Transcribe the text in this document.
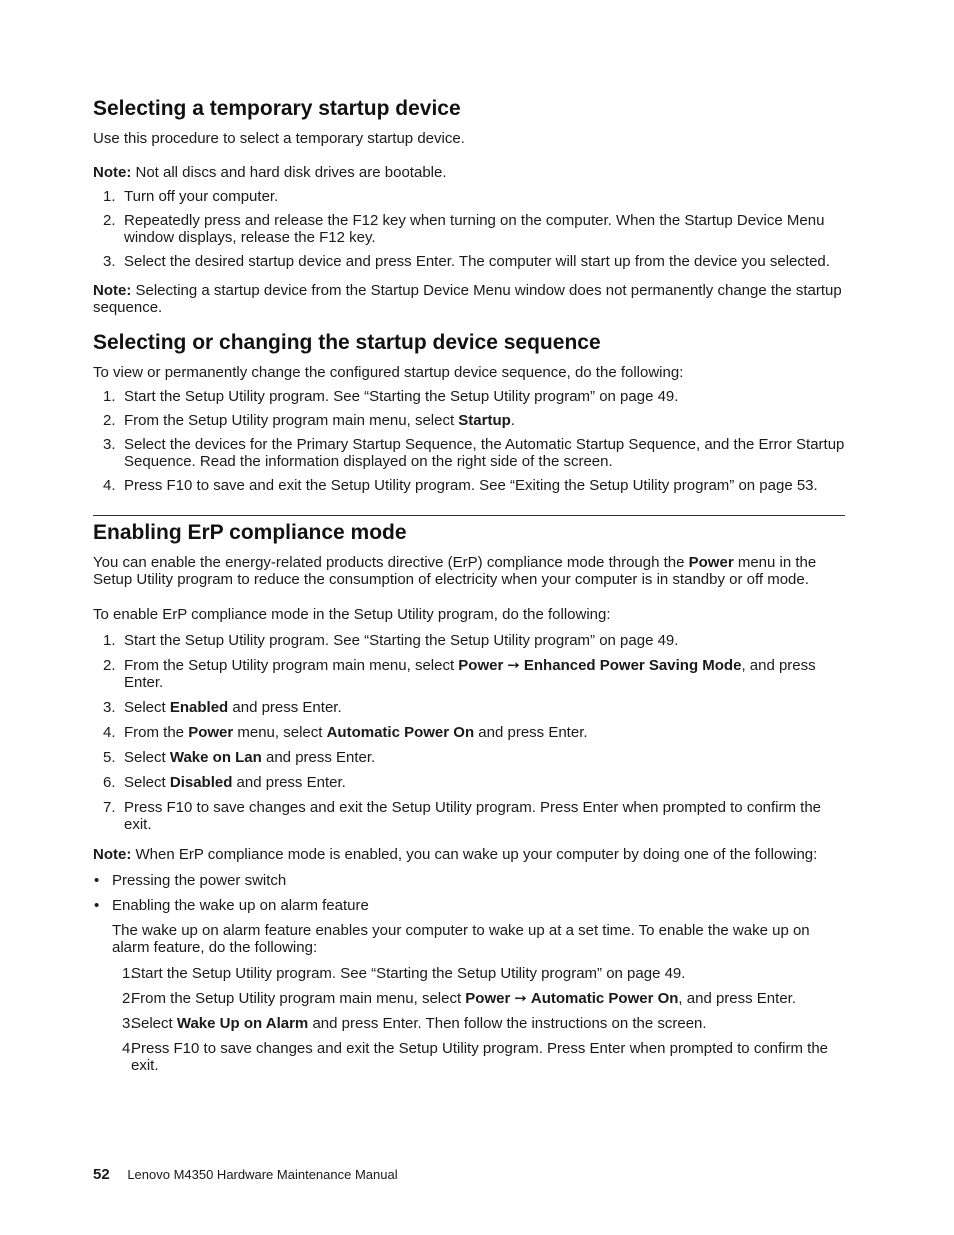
Selecting a temporary startup device

Use this procedure to select a temporary startup device.

Note: Not all discs and hard disk drives are bootable.

1. Turn off your computer.
2. Repeatedly press and release the F12 key when turning on the computer. When the Startup Device Menu window displays, release the F12 key.
3. Select the desired startup device and press Enter. The computer will start up from the device you selected.

Note: Selecting a startup device from the Startup Device Menu window does not permanently change the startup sequence.

Selecting or changing the startup device sequence

To view or permanently change the configured startup device sequence, do the following:

1. Start the Setup Utility program. See “Starting the Setup Utility program” on page 49.
2. From the Setup Utility program main menu, select Startup.
3. Select the devices for the Primary Startup Sequence, the Automatic Startup Sequence, and the Error Startup Sequence. Read the information displayed on the right side of the screen.
4. Press F10 to save and exit the Setup Utility program. See “Exiting the Setup Utility program” on page 53.
Enabling ErP compliance mode

You can enable the energy-related products directive (ErP) compliance mode through the Power menu in the Setup Utility program to reduce the consumption of electricity when your computer is in standby or off mode.

To enable ErP compliance mode in the Setup Utility program, do the following:

1. Start the Setup Utility program. See “Starting the Setup Utility program” on page 49.
2. From the Setup Utility program main menu, select Power ➙ Enhanced Power Saving Mode, and press Enter.
3. Select Enabled and press Enter.
4. From the Power menu, select Automatic Power On and press Enter.
5. Select Wake on Lan and press Enter.
6. Select Disabled and press Enter.
7. Press F10 to save changes and exit the Setup Utility program. Press Enter when prompted to confirm the exit.

Note: When ErP compliance mode is enabled, you can wake up your computer by doing one of the following:

• Pressing the power switch
• Enabling the wake up on alarm feature

The wake up on alarm feature enables your computer to wake up at a set time. To enable the wake up on alarm feature, do the following:

1.
Start the Setup Utility program. See “Starting the Setup Utility program” on page 49.
2.
From the Setup Utility program main menu, select Power ➙ Automatic Power On, and press Enter.
3.
Select Wake Up on Alarm and press Enter. Then follow the instructions on the screen.
4.
Press F10 to save changes and exit the Setup Utility program. Press Enter when prompted to confirm the exit.
52 Lenovo M4350 Hardware Maintenance Manual
